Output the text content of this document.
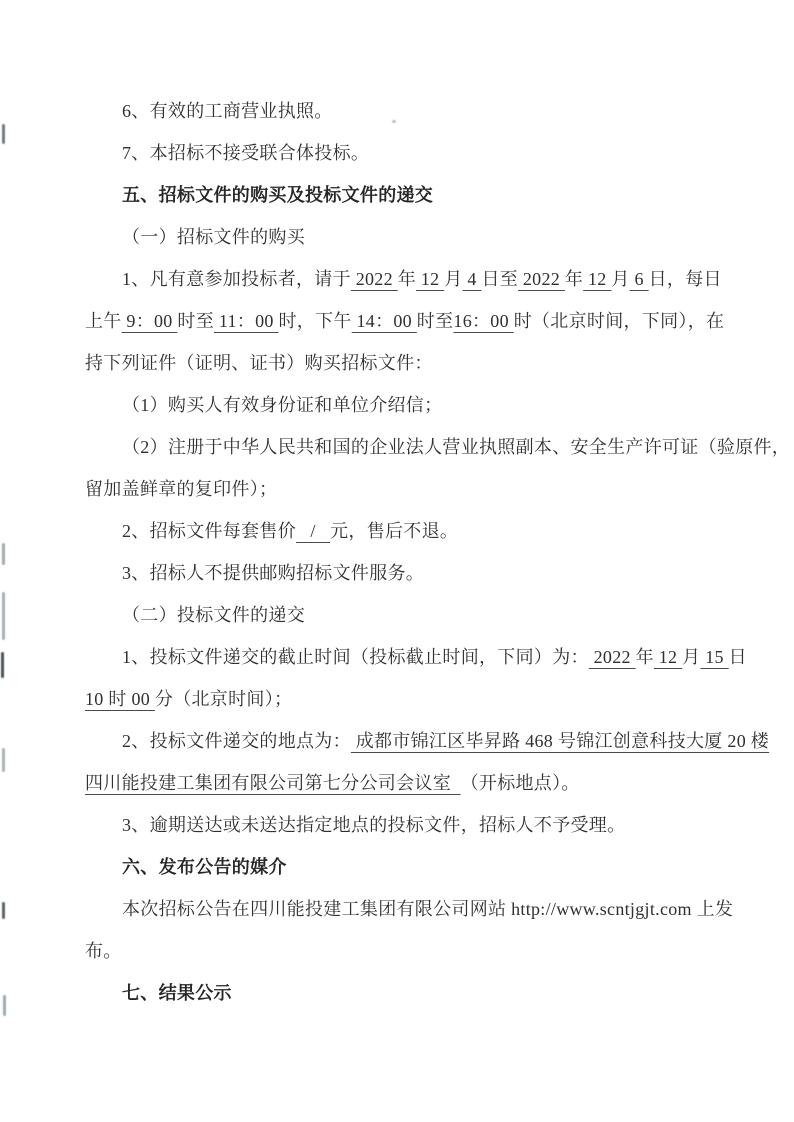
6、有效的工商营业执照。
7、本招标不接受联合体投标。
五、招标文件的购买及投标文件的递交
（一）招标文件的购买
1、凡有意参加投标者，请于 2022 年 12 月 4 日至 2022 年 12 月 6 日，每日
上午 9：00 时至 11：00 时，下午 14：00 时至16：00 时（北京时间，下同），在
持下列证件（证明、证书）购买招标文件：
（1）购买人有效身份证和单位介绍信；
（2）注册于中华人民共和国的企业法人营业执照副本、安全生产许可证（验原件，
留加盖鲜章的复印件）；
2、招标文件每套售价   /   元，售后不退。
3、招标人不提供邮购招标文件服务。
（二）投标文件的递交
1、投标文件递交的截止时间（投标截止时间，下同）为： 2022 年 12 月 15 日
10 时 00 分（北京时间）；
2、投标文件递交的地点为： 成都市锦江区毕昇路 468 号锦江创意科技大厦 20 楼
四川能投建工集团有限公司第七分公司会议室  （开标地点）。
3、逾期送达或未送达指定地点的投标文件，招标人不予受理。
六、发布公告的媒介
本次招标公告在四川能投建工集团有限公司网站 http://www.scntjgjt.com 上发
布。
七、结果公示
